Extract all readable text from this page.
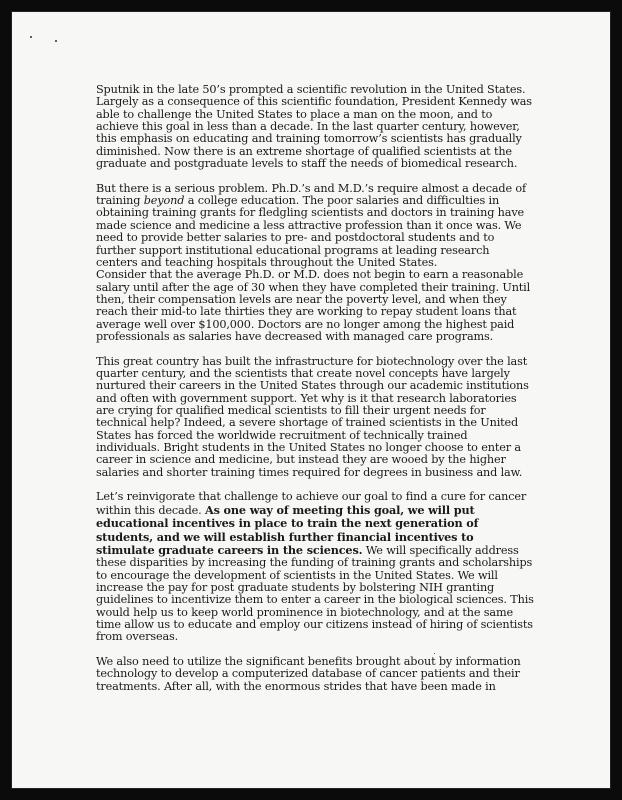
Sputnik in the late 50’s prompted a scientific revolution in the United States. Largely as a consequence of this scientific foundation, President Kennedy was able to challenge the United States to place a man on the moon, and to achieve this goal in less than a decade. In the last quarter century, however, this emphasis on educating and training tomorrow’s scientists has gradually diminished. Now there is an extreme shortage of qualified scientists at the graduate and postgraduate levels to staff the needs of biomedical research.

But there is a serious problem. Ph.D.’s and M.D.’s require almost a decade of training beyond a college education. The poor salaries and difficulties in obtaining training grants for fledgling scientists and doctors in training have made science and medicine a less attractive profession than it once was. We need to provide better salaries to pre- and postdoctoral students and to further support institutional educational programs at leading research centers and teaching hospitals throughout the United States.

Consider that the average Ph.D. or M.D. does not begin to earn a reasonable salary until after the age of 30 when they have completed their training. Until then, their compensation levels are near the poverty level, and when they reach their mid-to late thirties they are working to repay student loans that average well over $100,000. Doctors are no longer among the highest paid professionals as salaries have decreased with managed care programs.

This great country has built the infrastructure for biotechnology over the last quarter century, and the scientists that create novel concepts have largely nurtured their careers in the United States through our academic institutions and often with government support. Yet why is it that research laboratories are crying for qualified medical scientists to fill their urgent needs for technical help? Indeed, a severe shortage of trained scientists in the United States has forced the worldwide recruitment of technically trained individuals. Bright students in the United States no longer choose to enter a career in science and medicine, but instead they are wooed by the higher salaries and shorter training times required for degrees in business and law.

Let’s reinvigorate that challenge to achieve our goal to find a cure for cancer within this decade. As one way of meeting this goal, we will put educational incentives in place to train the next generation of students, and we will establish further financial incentives to stimulate graduate careers in the sciences. We will specifically address these disparities by increasing the funding of training grants and scholarships to encourage the development of scientists in the United States. We will increase the pay for post graduate students by bolstering NIH granting guidelines to incentivize them to enter a career in the biological sciences. This would help us to keep world prominence in biotechnology, and at the same time allow us to educate and employ our citizens instead of hiring of scientists from overseas.

We also need to utilize the significant benefits brought about by information technology to develop a computerized database of cancer patients and their treatments. After all, with the enormous strides that have been made in
